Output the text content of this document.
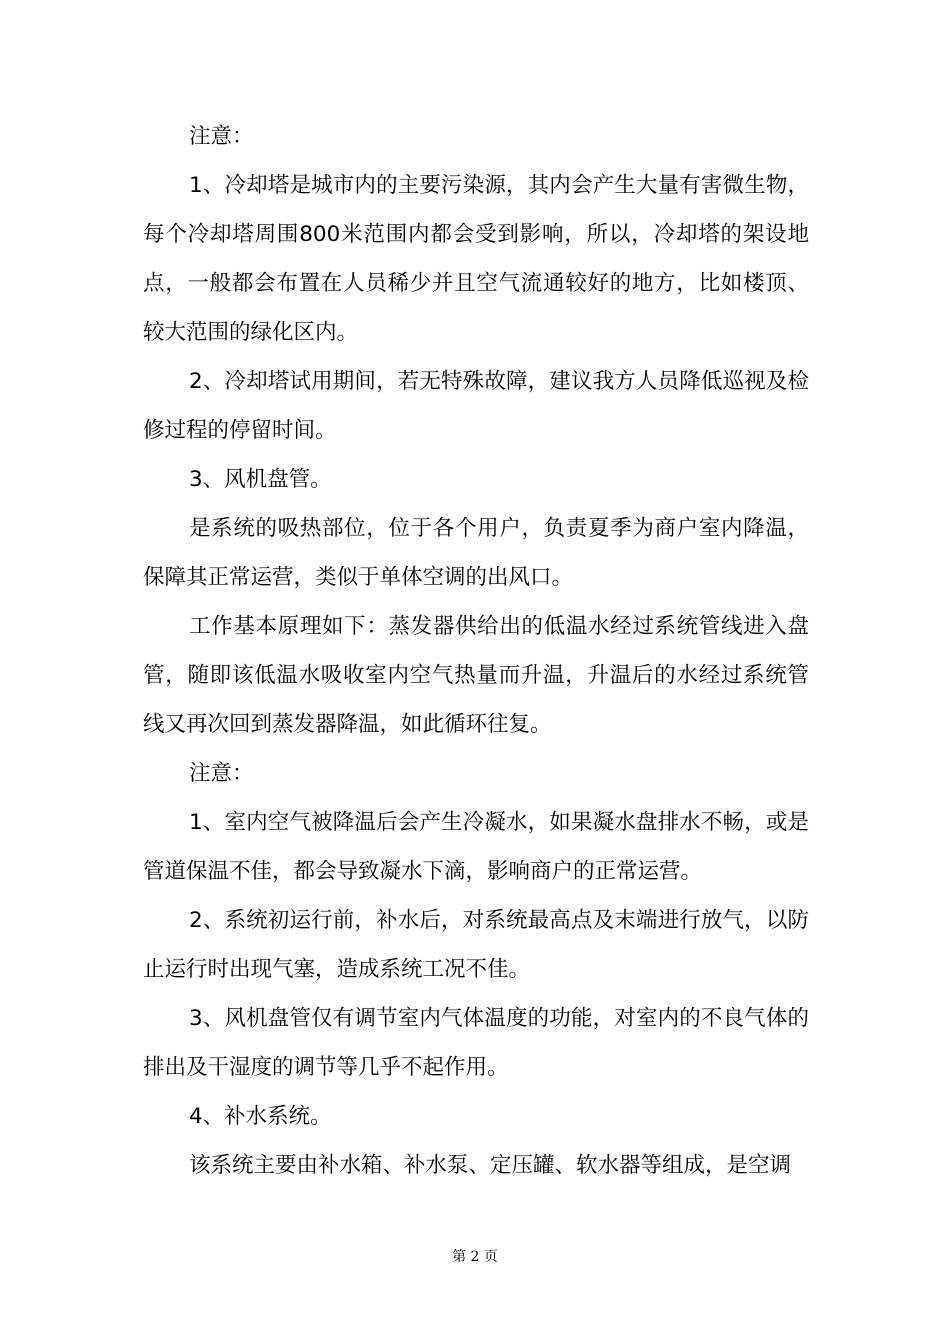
注意：

1、冷却塔是城市内的主要污染源，其内会产生大量有害微生物，每个冷却塔周围800米范围内都会受到影响，所以，冷却塔的架设地点，一般都会布置在人员稀少并且空气流通较好的地方，比如楼顶、较大范围的绿化区内。

2、冷却塔试用期间，若无特殊故障，建议我方人员降低巡视及检修过程的停留时间。

3、风机盘管。

是系统的吸热部位，位于各个用户，负责夏季为商户室内降温，保障其正常运营，类似于单体空调的出风口。

工作基本原理如下：蒸发器供给出的低温水经过系统管线进入盘管，随即该低温水吸收室内空气热量而升温，升温后的水经过系统管线又再次回到蒸发器降温，如此循环往复。

注意：

1、室内空气被降温后会产生冷凝水，如果凝水盘排水不畅，或是管道保温不佳，都会导致凝水下滴，影响商户的正常运营。

2、系统初运行前，补水后，对系统最高点及末端进行放气，以防止运行时出现气塞，造成系统工况不佳。

3、风机盘管仅有调节室内气体温度的功能，对室内的不良气体的排出及干湿度的调节等几乎不起作用。

4、补水系统。

该系统主要由补水箱、补水泵、定压罐、软水器等组成，是空调

第 2 页
